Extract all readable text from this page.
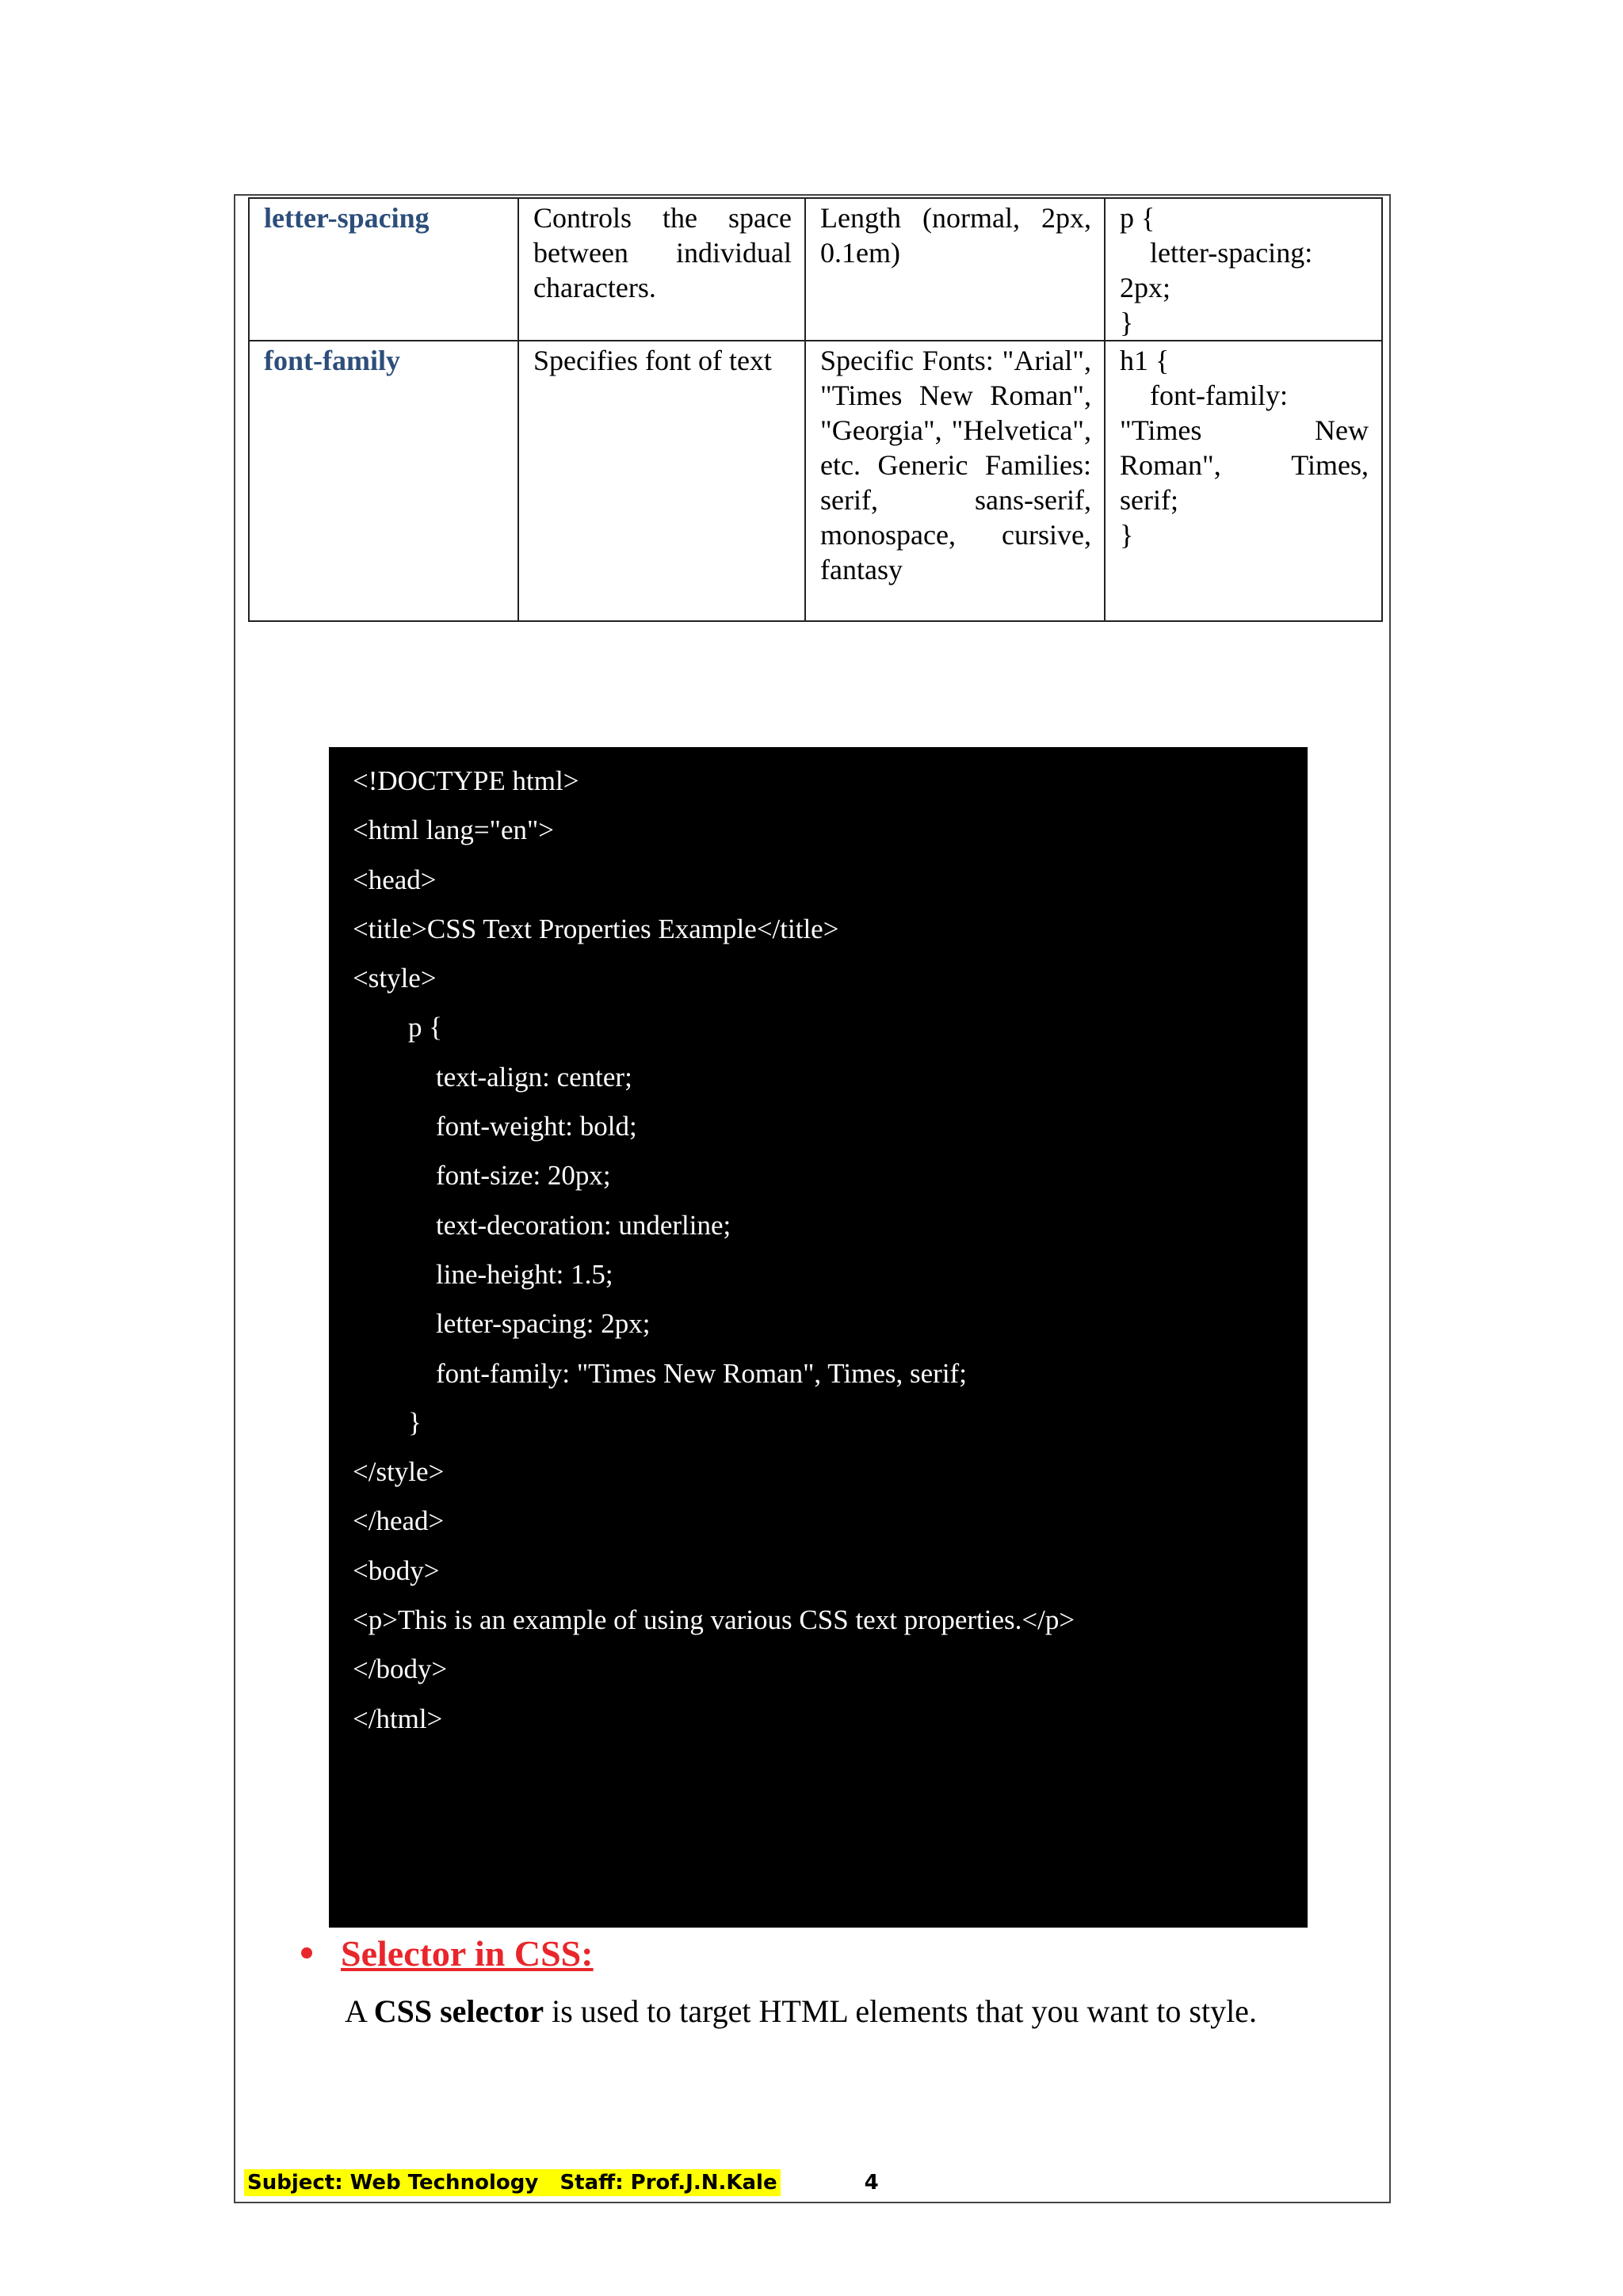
letter-spacing	Controls the space between individual characters.	Length (normal, 2px, 0.1em)	p {
letter-spacing:
2px;
}

font-family	Specifies font of text	Specific Fonts: "Arial", "Times New Roman", "Georgia", "Helvetica", etc. Generic Families: serif, sans-serif, monospace, cursive, fantasy	h1 {
font-family:
"Times New Roman", Times, serif;
}
<!DOCTYPE html>
<html lang="en">
<head>
<title>CSS Text Properties Example</title>
<style>
p {
text-align: center;
font-weight: bold;
font-size: 20px;
text-decoration: underline;
line-height: 1.5;
letter-spacing: 2px;
font-family: "Times New Roman", Times, serif;
}
</style>
</head>
<body>
<p>This is an example of using various CSS text properties.</p>
</body>
</html>
Selector in CSS:
A CSS selector is used to target HTML elements that you want to style.
Subject: Web Technology Staff: Prof.J.N.Kale	4
